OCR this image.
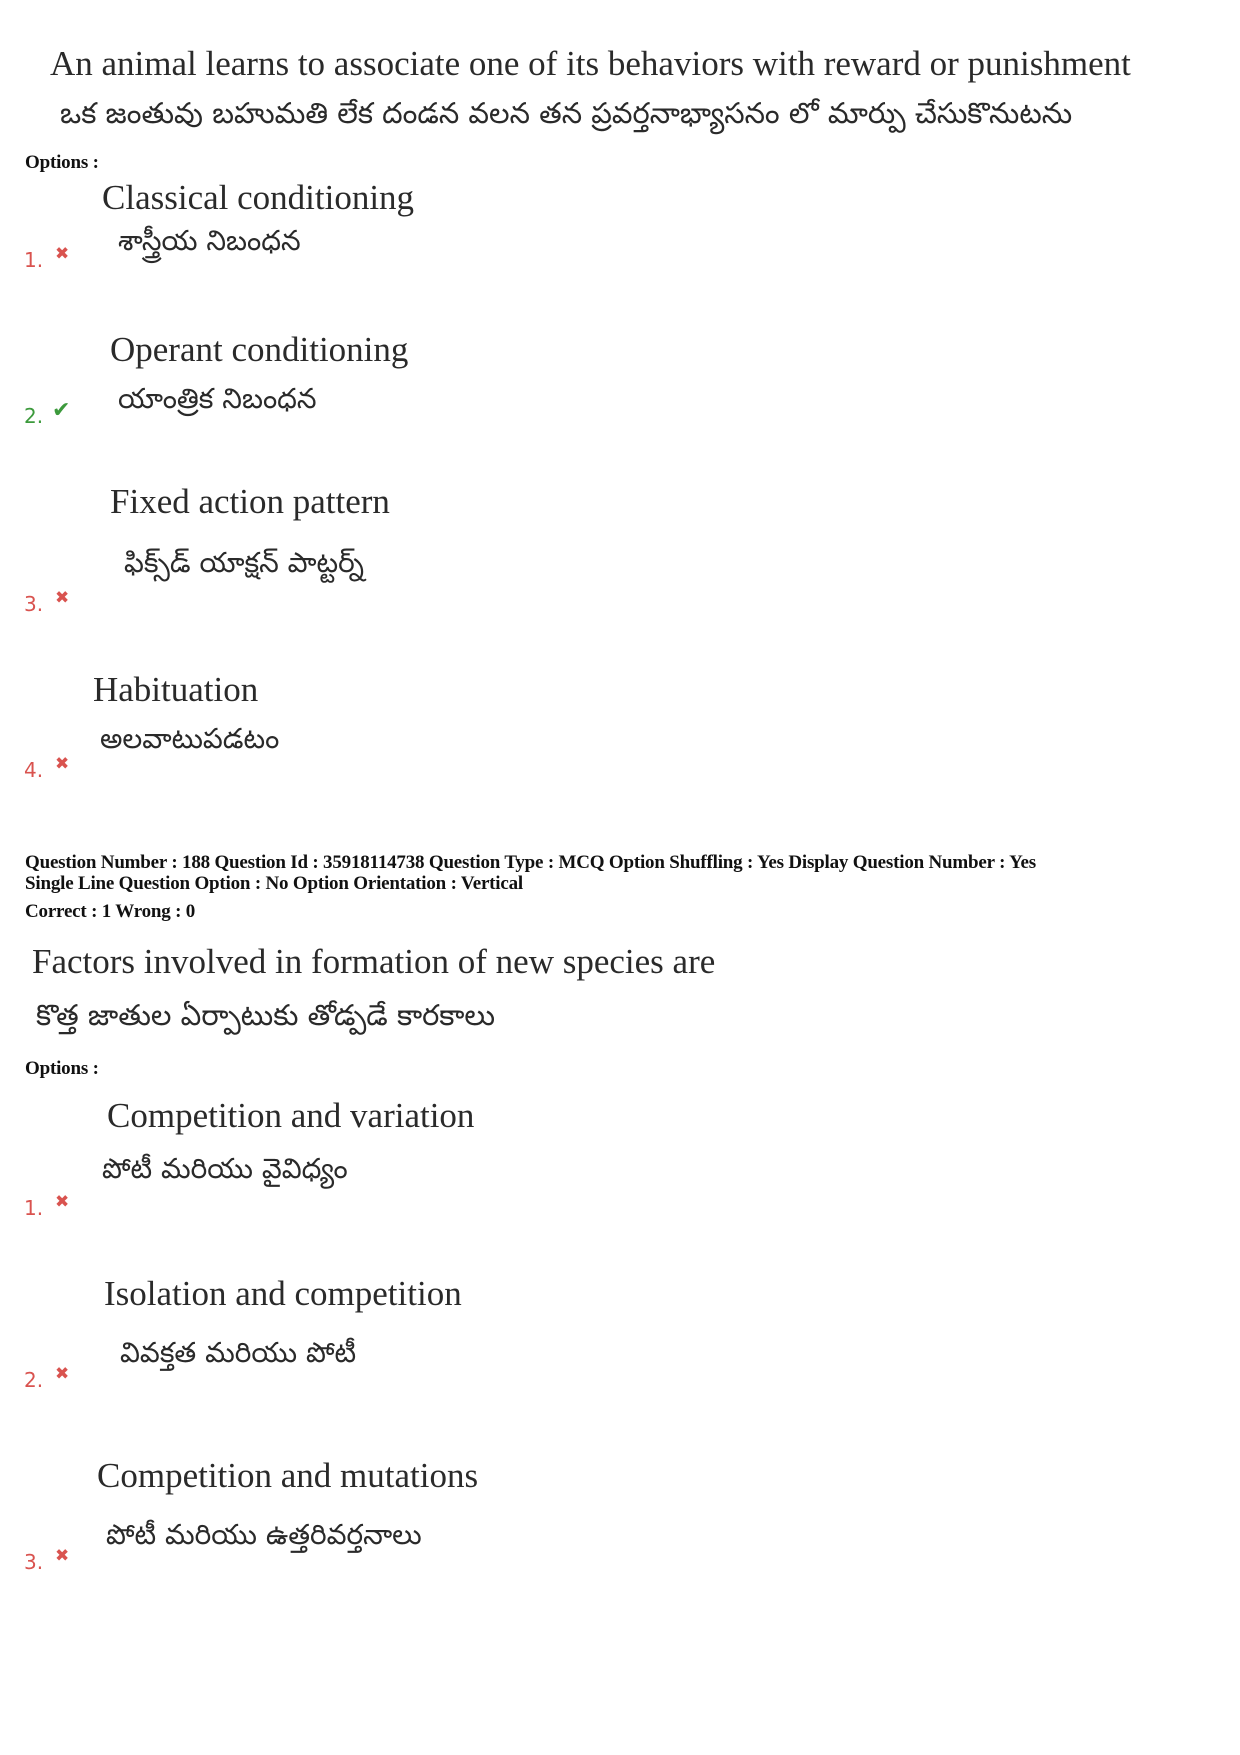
An animal learns to associate one of its behaviors with reward or punishment
ఒక జంతువు బహుమతి లేక దండన వలన తన ప్రవర్తనాభ్యాసనం లో మార్పు చేసుకొనుటను
Options :
Classical conditioning
శాస్త్రీయ నిబంధన
1. ✖
Operant conditioning
యాంత్రిక నిబంధన
2. ✔
Fixed action pattern
ఫిక్స్‌డ్ యాక్షన్ పాట్టర్న్
3. ✖
Habituation
అలవాటుపడటం
4. ✖
Question Number : 188 Question Id : 35918114738 Question Type : MCQ Option Shuffling : Yes Display Question Number : Yes
Single Line Question Option : No Option Orientation : Vertical
Correct : 1 Wrong : 0
Factors involved in formation of new species are
కొత్త జాతుల ఏర్పాటుకు తోడ్పడే కారకాలు
Options :
Competition and variation
పోటీ మరియు వైవిధ్యం
1. ✖
Isolation and competition
వివక్తత మరియు పోటీ
2. ✖
Competition and mutations
పోటీ మరియు ఉత్తరివర్తనాలు
3. ✖
